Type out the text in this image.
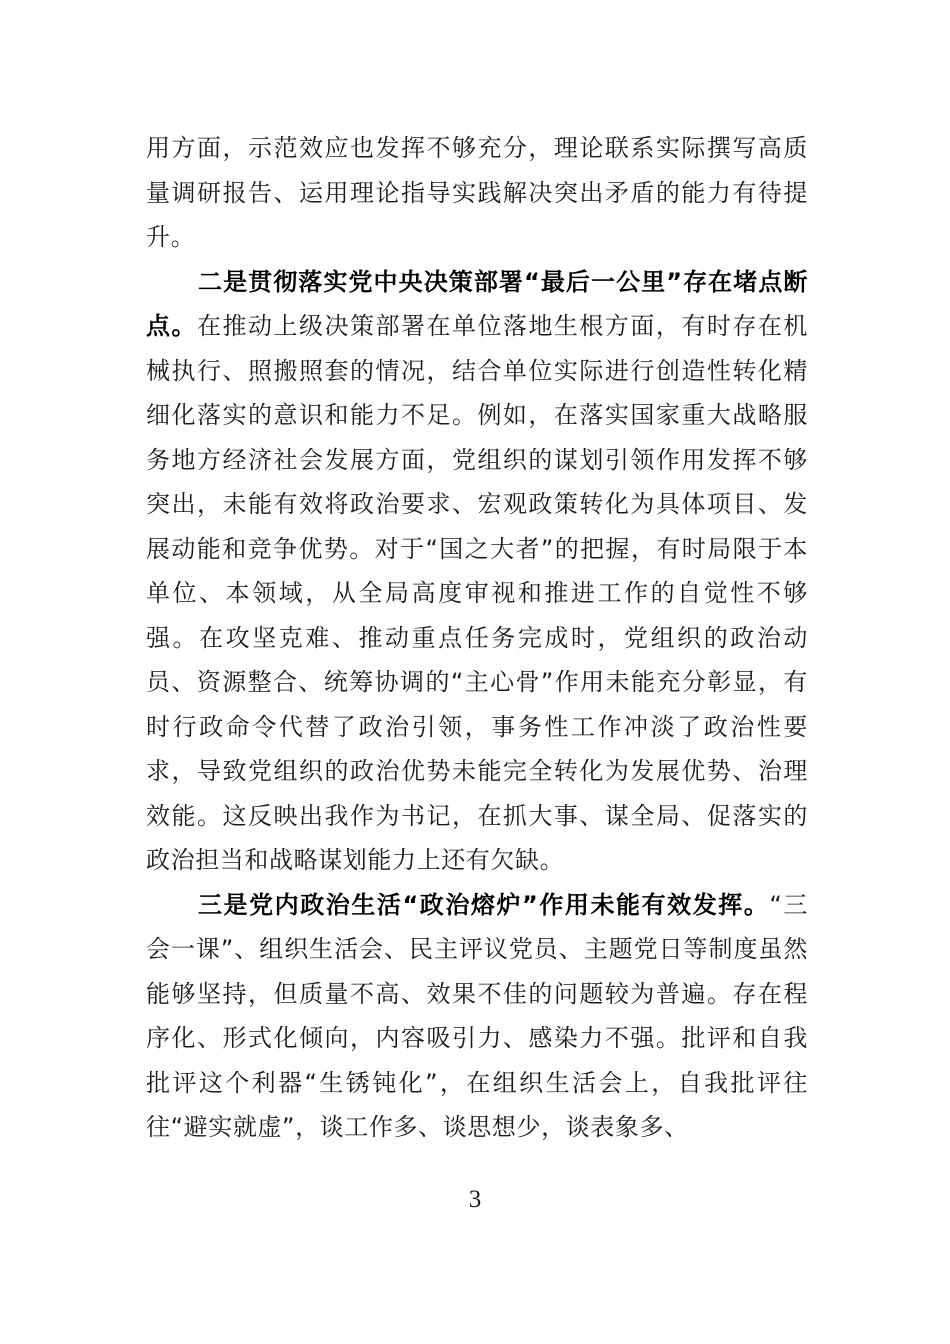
用方面，示范效应也发挥不够充分，理论联系实际撰写高质量调研报告、运用理论指导实践解决突出矛盾的能力有待提升。

二是贯彻落实党中央决策部署“最后一公里”存在堵点断点。在推动上级决策部署在单位落地生根方面，有时存在机械执行、照搬照套的情况，结合单位实际进行创造性转化精细化落实的意识和能力不足。例如，在落实国家重大战略服务地方经济社会发展方面，党组织的谋划引领作用发挥不够突出，未能有效将政治要求、宏观政策转化为具体项目、发展动能和竞争优势。对于“国之大者”的把握，有时局限于本单位、本领域，从全局高度审视和推进工作的自觉性不够强。在攻坚克难、推动重点任务完成时，党组织的政治动员、资源整合、统筹协调的“主心骨”作用未能充分彰显，有时行政命令代替了政治引领，事务性工作冲淡了政治性要求，导致党组织的政治优势未能完全转化为发展优势、治理效能。这反映出我作为书记，在抓大事、谋全局、促落实的政治担当和战略谋划能力上还有欠缺。

三是党内政治生活“政治熔炉”作用未能有效发挥。“三会一课”、组织生活会、民主评议党员、主题党日等制度虽然能够坚持，但质量不高、效果不佳的问题较为普遍。存在程序化、形式化倾向，内容吸引力、感染力不强。批评和自我批评这个利器“生锈钝化”，在组织生活会上，自我批评往往“避实就虚”，谈工作多、谈思想少，谈表象多、

3
